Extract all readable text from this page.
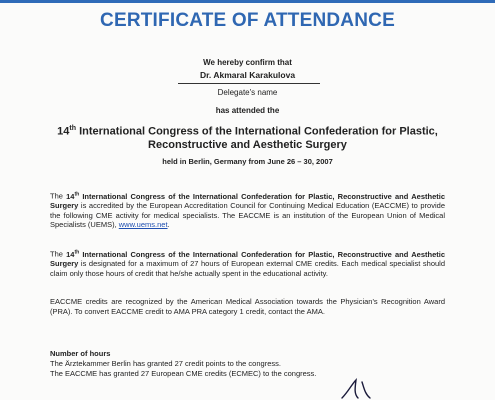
CERTIFICATE OF ATTENDANCE
We hereby confirm that
Dr. Akmaral Karakulova
Delegate's name
has attended the
14th International Congress of the International Confederation for Plastic,
Reconstructive and Aesthetic Surgery
held in Berlin, Germany from June 26 – 30, 2007
The 14th International Congress of the International Confederation for Plastic, Reconstructive and Aesthetic Surgery is accredited by the European Accreditation Council for Continuing Medical Education (EACCME) to provide the following CME activity for medical specialists. The EACCME is an institution of the European Union of Medical Specialists (UEMS), www.uems.net.
The 14th International Congress of the International Confederation for Plastic, Reconstructive and Aesthetic Surgery is designated for a maximum of 27 hours of European external CME credits. Each medical specialist should claim only those hours of credit that he/she actually spent in the educational activity.
EACCME credits are recognized by the American Medical Association towards the Physician's Recognition Award (PRA). To convert EACCME credit to AMA PRA category 1 credit, contact the AMA.
Number of hours
The Ärztekammer Berlin has granted 27 credit points to the congress.
The EACCME has granted 27 European CME credits (ECMEC) to the congress.
